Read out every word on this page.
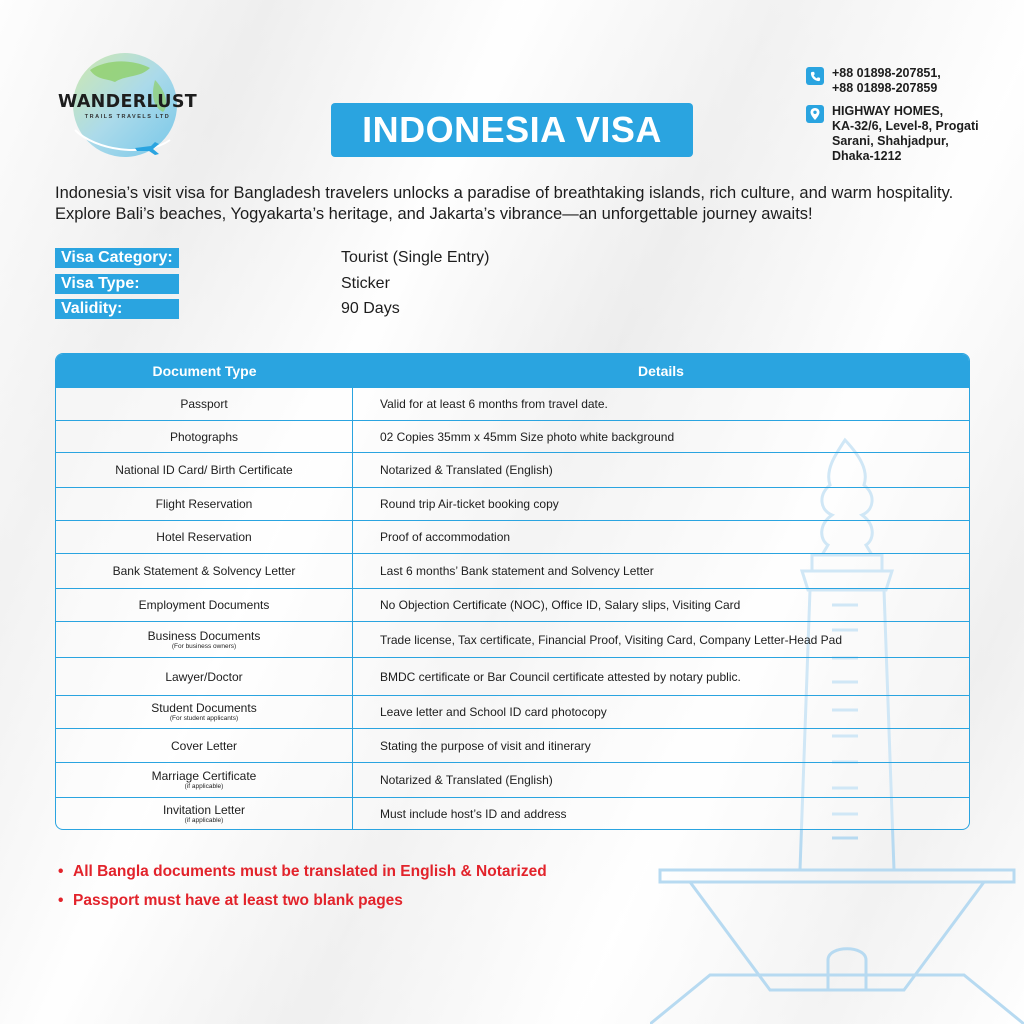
WANDERLUST
TRAILS TRAVELS LTD	INDONESIA VISA
+88 01898-207851,
+88 01898-207859
HIGHWAY HOMES,
KA-32/6, Level-8, Progati
Sarani, Shahjadpur,
Dhaka-1212

Indonesia’s visit visa for Bangladesh travelers unlocks a paradise of breathtaking islands, rich culture, and warm hospitality. Explore Bali’s beaches, Yogyakarta’s heritage, and Jakarta’s vibrance—an unforgettable journey awaits!

Visa Category:	Tourist (Single Entry)
Visa Type:	Sticker
Validity:	90 Days
Document Type	Details
Passport	Valid for at least 6 months from travel date.
Photographs	02 Copies 35mm x 45mm Size photo white background
National ID Card/ Birth Certificate	Notarized & Translated (English)
Flight Reservation	Round trip Air-ticket booking copy
Hotel Reservation	Proof of accommodation
Bank Statement & Solvency Letter	Last 6 months’ Bank statement and Solvency Letter
Employment Documents	No Objection Certificate (NOC), Office ID, Salary slips, Visiting Card
Business Documents
(For business owners)	Trade license, Tax certificate, Financial Proof, Visiting Card, Company Letter-Head Pad
Lawyer/Doctor	BMDC certificate or Bar Council certificate attested by notary public.
Student Documents
(For student applicants)	Leave letter and School ID card photocopy
Cover Letter	Stating the purpose of visit and itinerary
Marriage Certificate
(if applicable)	Notarized & Translated (English)
Invitation Letter
(if applicable)	Must include host’s ID and address
• All Bangla documents must be translated in English & Notarized
• Passport must have at least two blank pages
